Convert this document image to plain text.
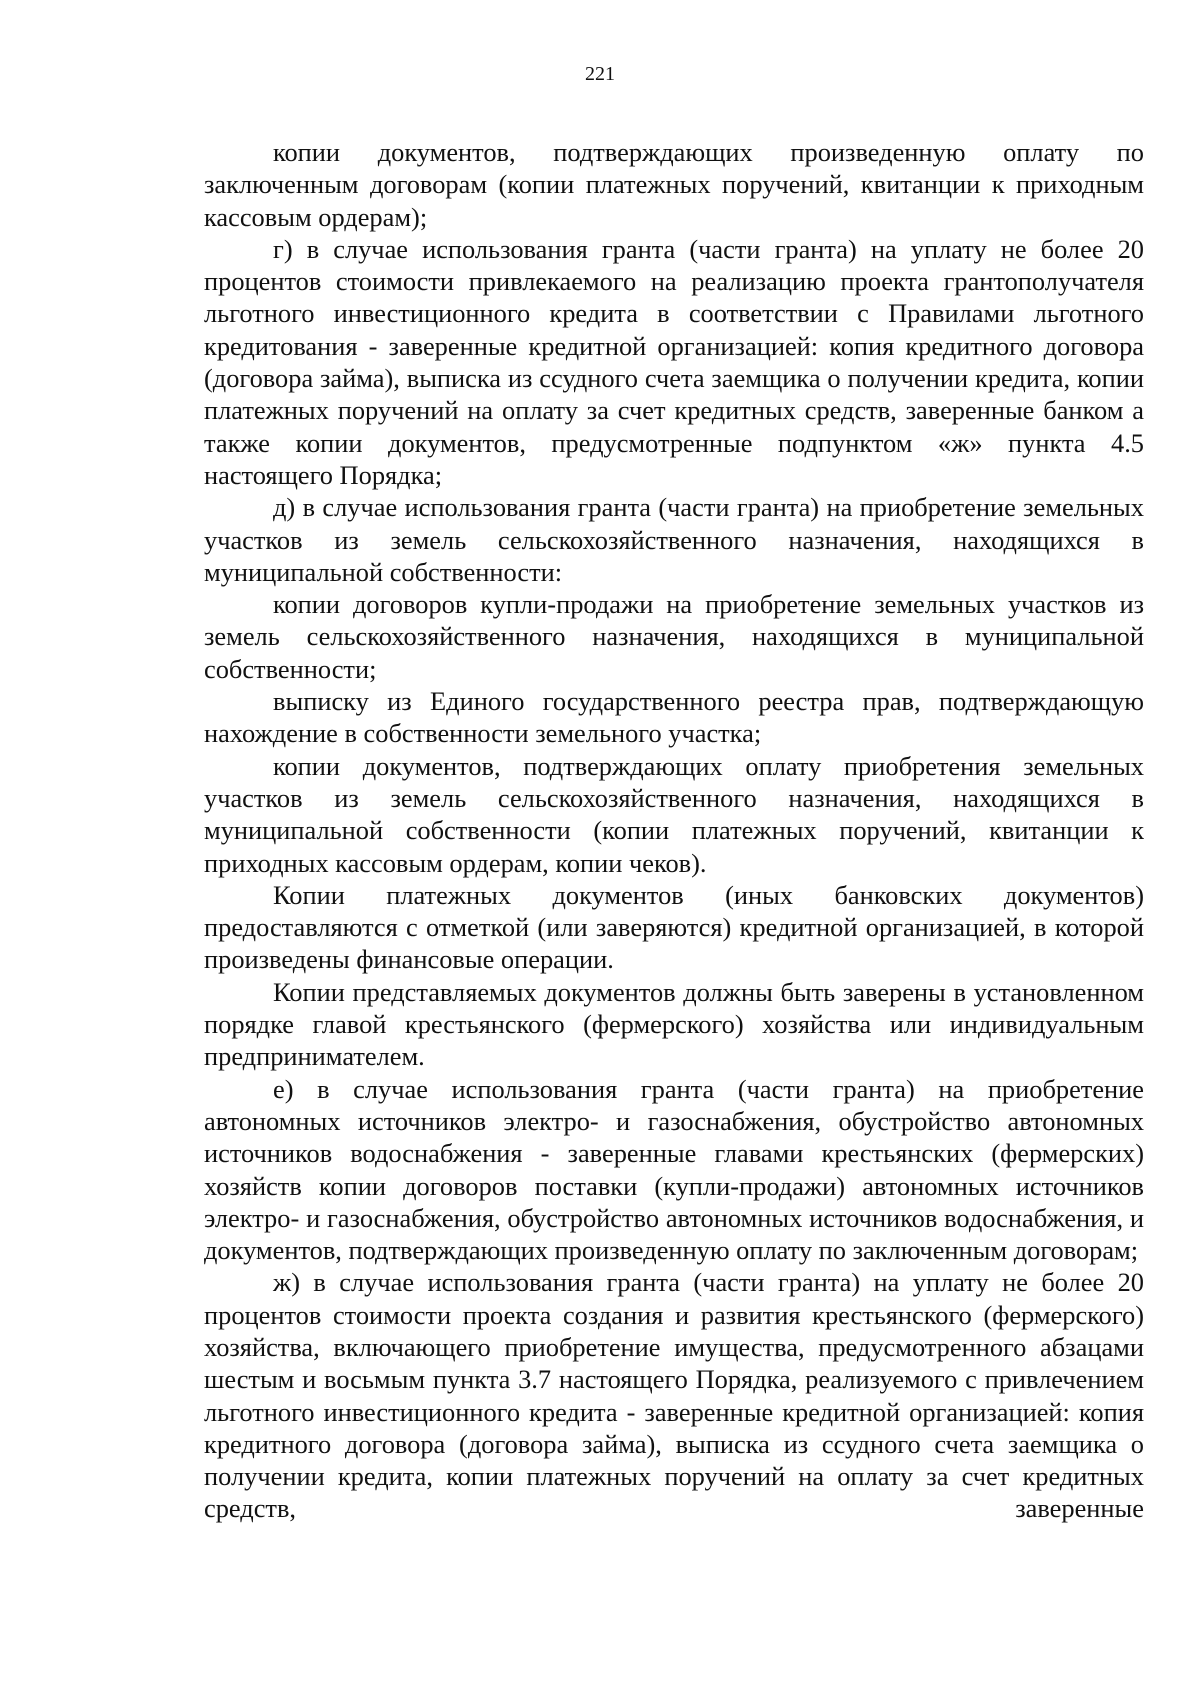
221

копии документов, подтверждающих произведенную оплату по заключенным договорам (копии платежных поручений, квитанции к приходным кассовым ордерам);

г) в случае использования гранта (части гранта) на уплату не более 20 процентов стоимости привлекаемого на реализацию проекта грантополучателя льготного инвестиционного кредита в соответствии с Правилами льготного кредитования - заверенные кредитной организацией: копия кредитного договора (договора займа), выписка из ссудного счета заемщика о получении кредита, копии платежных поручений на оплату за счет кредитных средств, заверенные банком а также копии документов, предусмотренные подпунктом «ж» пункта 4.5 настоящего Порядка;

д) в случае использования гранта (части гранта) на приобретение земельных участков из земель сельскохозяйственного назначения, находящихся в муниципальной собственности:

копии договоров купли-продажи на приобретение земельных участков из земель сельскохозяйственного назначения, находящихся в муниципальной собственности;

выписку из Единого государственного реестра прав, подтверждающую нахождение в собственности земельного участка;

копии документов, подтверждающих оплату приобретения земельных участков из земель сельскохозяйственного назначения, находящихся в муниципальной собственности (копии платежных поручений, квитанции к приходных кассовым ордерам, копии чеков).

Копии платежных документов (иных банковских документов) предоставляются с отметкой (или заверяются) кредитной организацией, в которой произведены финансовые операции.

Копии представляемых документов должны быть заверены в установленном порядке главой крестьянского (фермерского) хозяйства или индивидуальным предпринимателем.

е) в случае использования гранта (части гранта) на приобретение автономных источников электро- и газоснабжения, обустройство автономных источников водоснабжения - заверенные главами крестьянских (фермерских) хозяйств копии договоров поставки (купли-продажи) автономных источников электро- и газоснабжения, обустройство автономных источников водоснабжения, и документов, подтверждающих произведенную оплату по заключенным договорам;

ж) в случае использования гранта (части гранта) на уплату не более 20 процентов стоимости проекта создания и развития крестьянского (фермерского) хозяйства, включающего приобретение имущества, предусмотренного абзацами шестым и восьмым пункта 3.7 настоящего Порядка, реализуемого с привлечением льготного инвестиционного кредита - заверенные кредитной организацией: копия кредитного договора (договора займа), выписка из ссудного счета заемщика о получении кредита, копии платежных поручений на оплату за счет кредитных средств, заверенные
